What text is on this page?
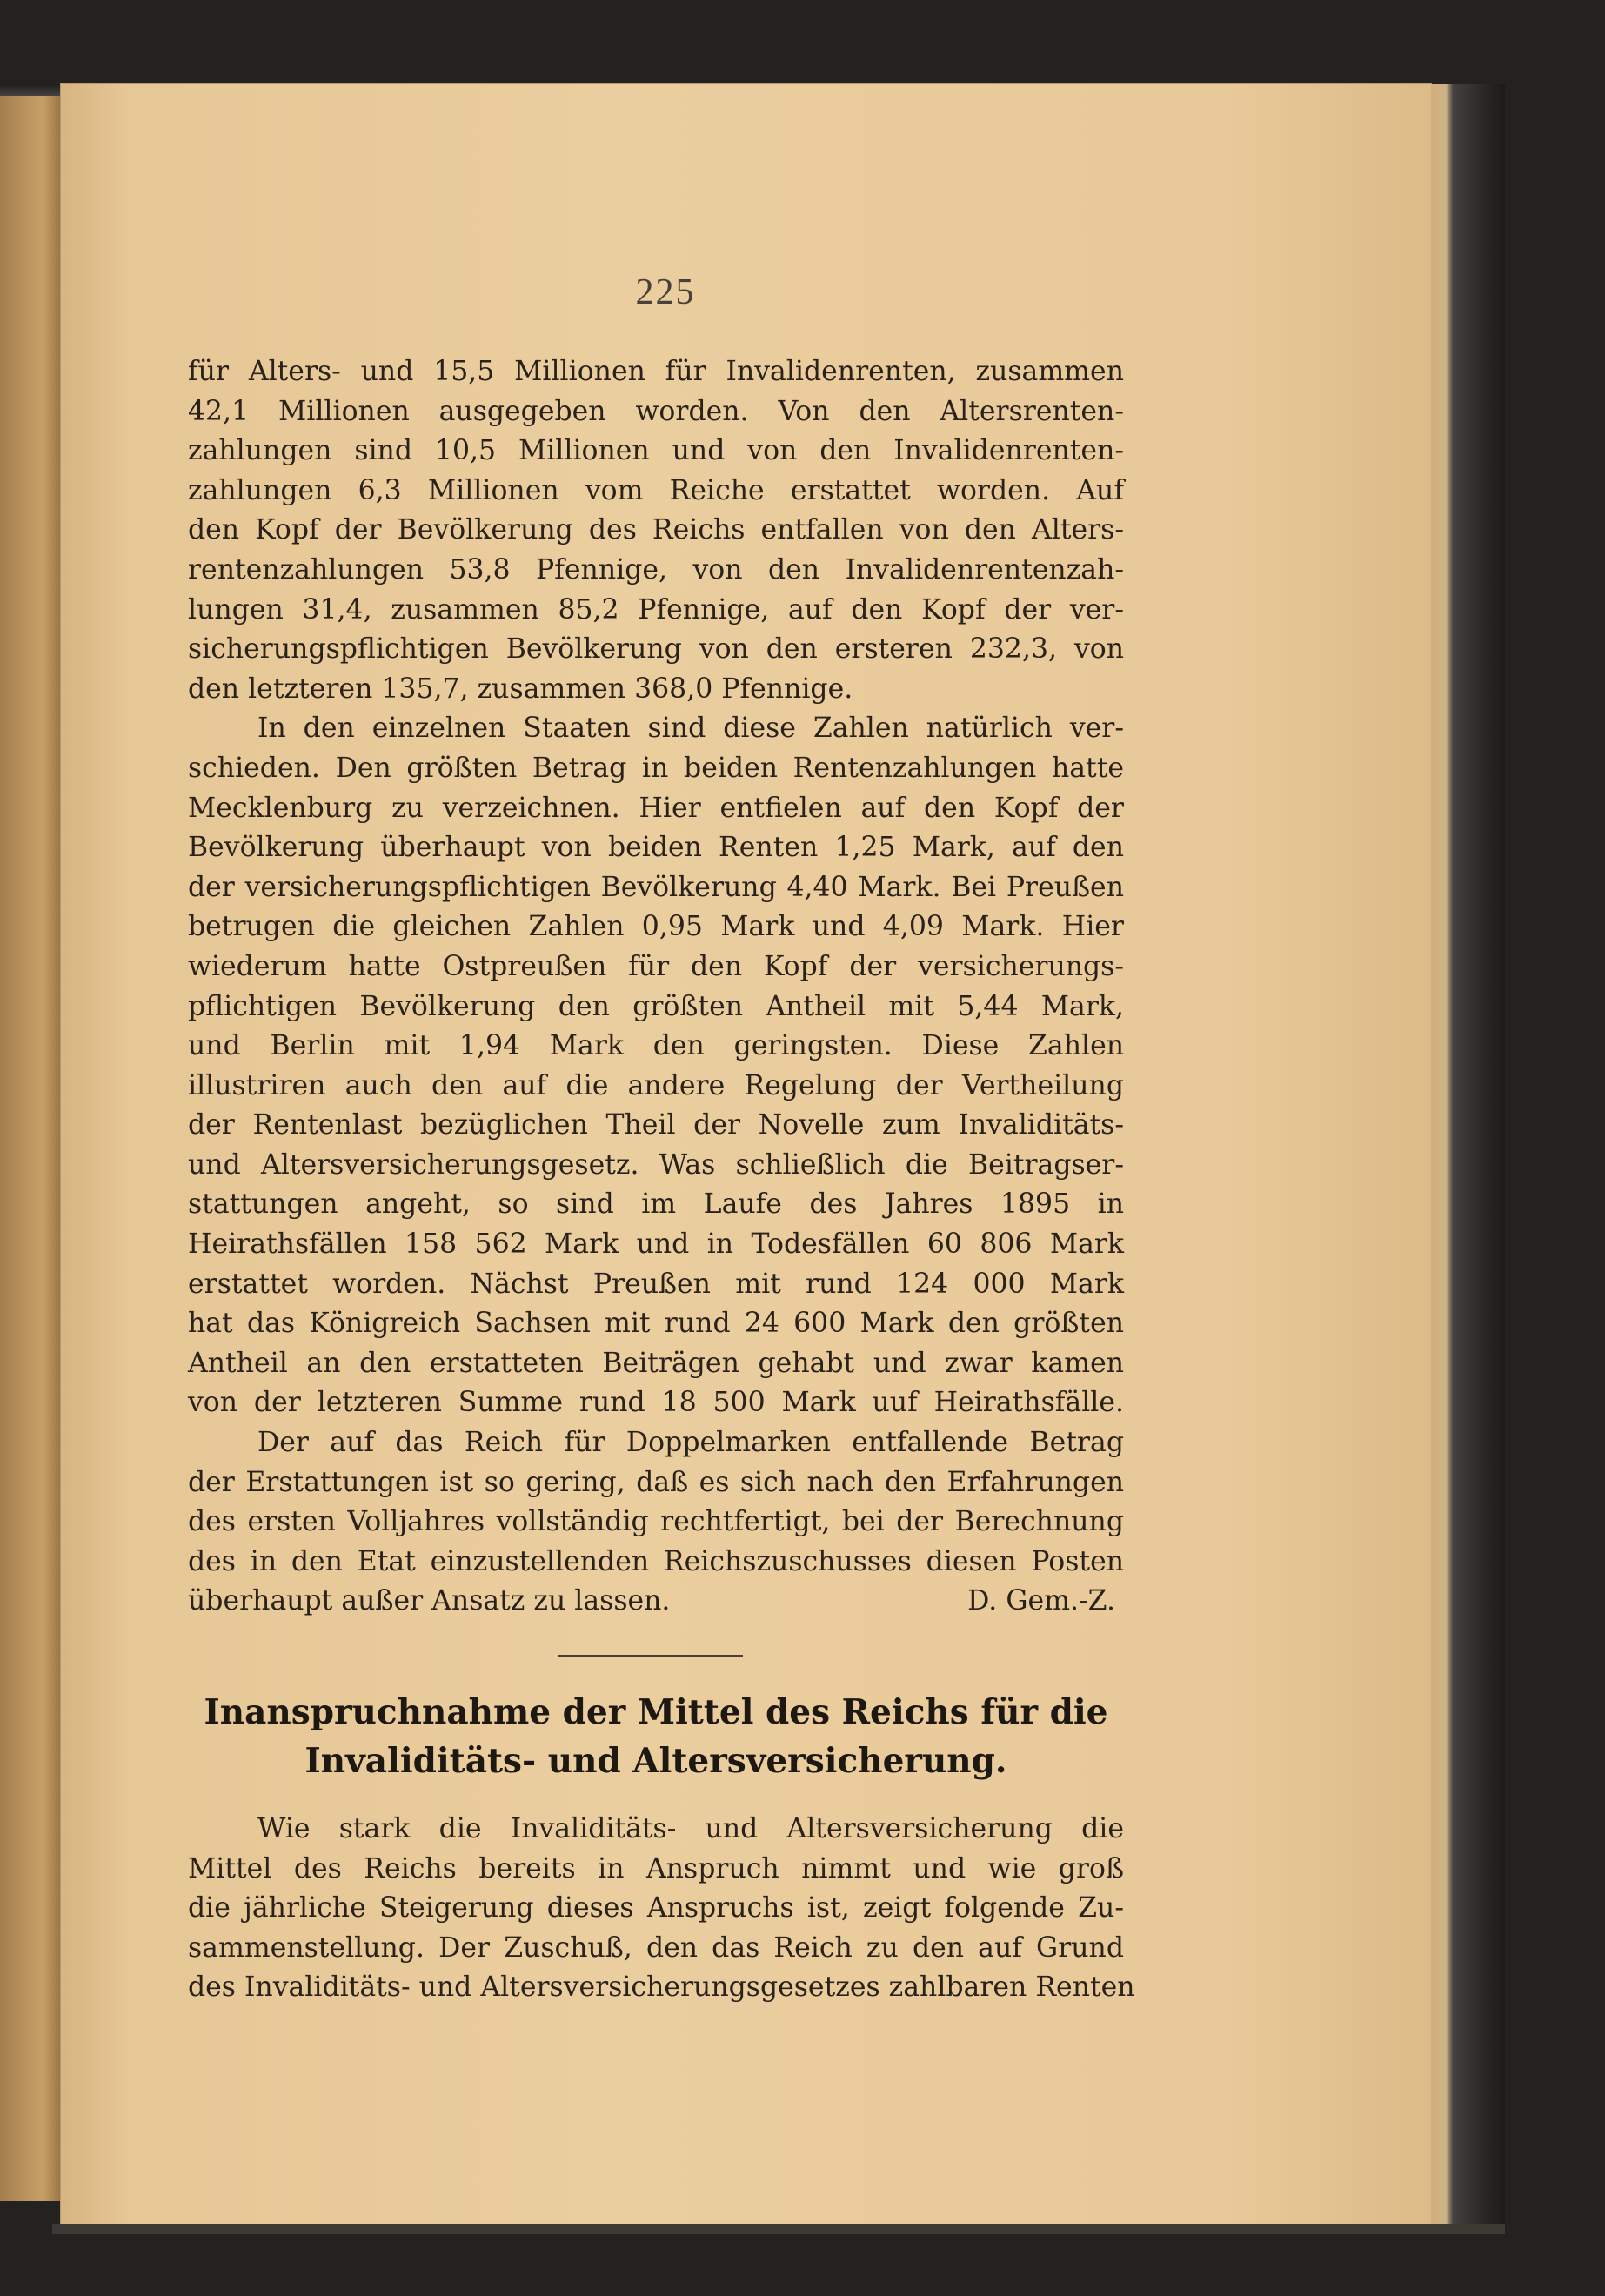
225
für Alters- und 15,5 Millionen für Invalidenrenten, zusammen
42,1 Millionen ausgegeben worden. Von den Altersrenten-
zahlungen sind 10,5 Millionen und von den Invalidenrenten-
zahlungen 6,3 Millionen vom Reiche erstattet worden. Auf
den Kopf der Bevölkerung des Reichs entfallen von den Alters-
rentenzahlungen 53,8 Pfennige, von den Invalidenrentenzah-
lungen 31,4, zusammen 85,2 Pfennige, auf den Kopf der ver-
sicherungspflichtigen Bevölkerung von den ersteren 232,3, von
den letzteren 135,7, zusammen 368,0 Pfennige.
In den einzelnen Staaten sind diese Zahlen natürlich ver-
schieden. Den größten Betrag in beiden Rentenzahlungen hatte
Mecklenburg zu verzeichnen. Hier entfielen auf den Kopf der
Bevölkerung überhaupt von beiden Renten 1,25 Mark, auf den
der versicherungspflichtigen Bevölkerung 4,40 Mark. Bei Preußen
betrugen die gleichen Zahlen 0,95 Mark und 4,09 Mark. Hier
wiederum hatte Ostpreußen für den Kopf der versicherungs-
pflichtigen Bevölkerung den größten Antheil mit 5,44 Mark,
und Berlin mit 1,94 Mark den geringsten. Diese Zahlen
illustriren auch den auf die andere Regelung der Vertheilung
der Rentenlast bezüglichen Theil der Novelle zum Invaliditäts-
und Altersversicherungsgesetz. Was schließlich die Beitragser-
stattungen angeht, so sind im Laufe des Jahres 1895 in
Heirathsfällen 158 562 Mark und in Todesfällen 60 806 Mark
erstattet worden. Nächst Preußen mit rund 124 000 Mark
hat das Königreich Sachsen mit rund 24 600 Mark den größten
Antheil an den erstatteten Beiträgen gehabt und zwar kamen
von der letzteren Summe rund 18 500 Mark uuf Heirathsfälle.
Der auf das Reich für Doppelmarken entfallende Betrag
der Erstattungen ist so gering, daß es sich nach den Erfahrungen
des ersten Volljahres vollständig rechtfertigt, bei der Berechnung
des in den Etat einzustellenden Reichszuschusses diesen Posten
überhaupt außer Ansatz zu lassen.	D. Gem.-Z.
Inanspruchnahme der Mittel des Reichs für die
Invaliditäts- und Altersversicherung.
Wie stark die Invaliditäts- und Altersversicherung die
Mittel des Reichs bereits in Anspruch nimmt und wie groß
die jährliche Steigerung dieses Anspruchs ist, zeigt folgende Zu-
sammenstellung. Der Zuschuß, den das Reich zu den auf Grund
des Invaliditäts- und Altersversicherungsgesetzes zahlbaren Renten
